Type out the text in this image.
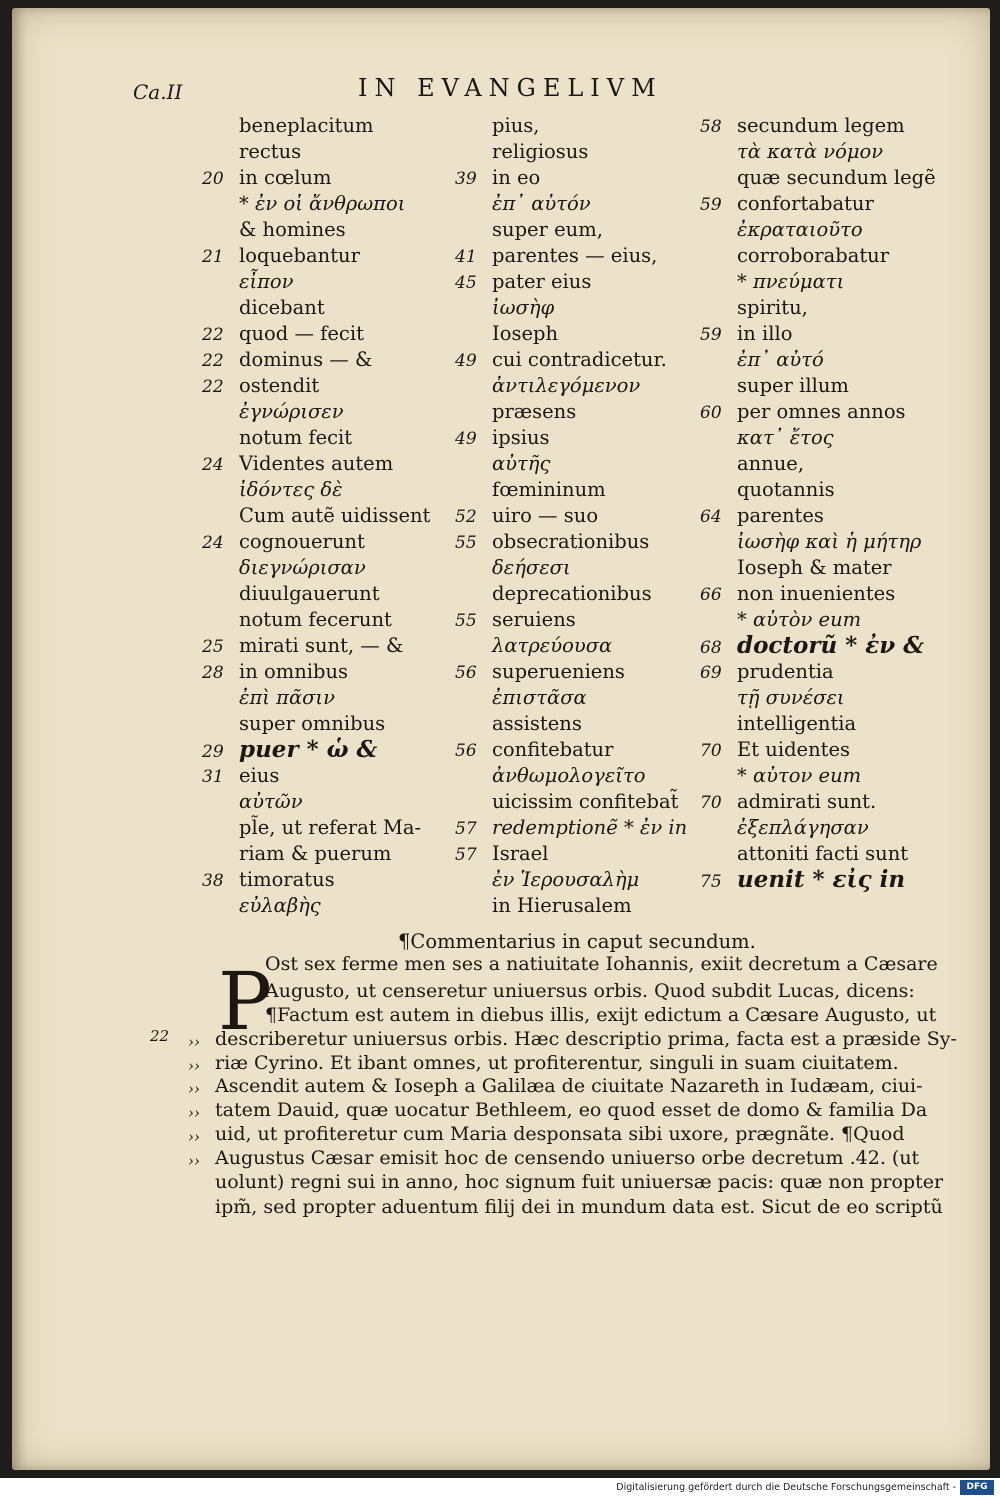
Ca.II	IN EVANGELIVM
beneplacitum
rectus
20 in cœlum
* ἐν οἱ ἄνθρωποι
& homines
21 loquebantur
εἶπον
dicebant
22 quod — fecit
22 dominus — &
22 ostendit
ἐγνώρισεν
notum fecit
24 Videntes autem
ἰδόντες δὲ
Cum autẽ uidissent
24 cognouerunt
διεγνώρισαν
diuulgauerunt
notum fecerunt
25 mirati sunt, — &
28 in omnibus
ἐπὶ πᾶσιν
super omnibus
29 puer * ὡ &
31 eius
αὐτῶν
pl̃e, ut referat Ma-
riam & puerum
38 timoratus
εὐλαβὴς
pius,
religiosus
39 in eo
ἐπ᾽ αὐτόν
super eum,
41 parentes — eius,
45 pater eius
ἰωσὴφ
Ioseph
49 cui contradicetur.
ἀντιλεγόμενον
præsens
49 ipsius
αὐτῆς
fœmininum
52 uiro — suo
55 obsecrationibus
δεήσεσι
deprecationibus
55 seruiens
λατρεύουσα
56 superueniens
ἐπιστᾶσα
assistens
56 confitebatur
ἀνθωμολογεῖτο
uicissim confitebat̃
57 redemptionẽ * ἐν in
57 Israel
ἐν Ἱερουσαλὴμ
in Hierusalem
58 secundum legem
τὰ κατὰ νόμον
quæ secundum legẽ
59 confortabatur
ἐκραταιοῦτο
corroborabatur
* πνεύματι
spiritu,
59 in illo
ἐπ᾽ αὐτό
super illum
60 per omnes annos
κατ᾽ ἔτος
annue,
quotannis
64 parentes
ἰωσὴφ καὶ ἡ μήτηρ
Ioseph & mater
66 non inuenientes
* αὐτὸν eum
68 doctorũ * ἐν &
69 prudentia
τῇ συνέσει
intelligentia
70 Et uidentes
* αὐτον eum
70 admirati sunt.
ἐξεπλάγησαν
attoniti facti sunt
75 uenit * εἰς in
¶Commentarius in caput secundum.
P
22 ››
››
››
››
››
››
Ost sex ferme men ses a natiuitate Iohannis, exiit decretum a Cæsare
Augusto, ut censeretur uniuersus orbis. Quod subdit Lucas, dicens:
¶Factum est autem in diebus illis, exijt edictum a Cæsare Augusto, ut
describeretur uniuersus orbis. Hæc descriptio prima, facta est a præside Sy-
riæ Cyrino. Et ibant omnes, ut profiterentur, singuli in suam ciuitatem.
Ascendit autem & Ioseph a Galilæa de ciuitate Nazareth in Iudæam, ciui-
tatem Dauid, quæ uocatur Bethleem, eo quod esset de domo & familia Da
uid, ut profiteretur cum Maria desponsata sibi uxore, prægnãte. ¶Quod
Augustus Cæsar emisit hoc de censendo uniuerso orbe decretum .42. (ut
uolunt) regni sui in anno, hoc signum fuit uniuersæ pacis: quæ non propter
ipm̃, sed propter aduentum filij dei in mundum data est. Sicut de eo scriptũ
Digitalisierung gefördert durch die Deutsche Forschungsgemeinschaft -	DFG
